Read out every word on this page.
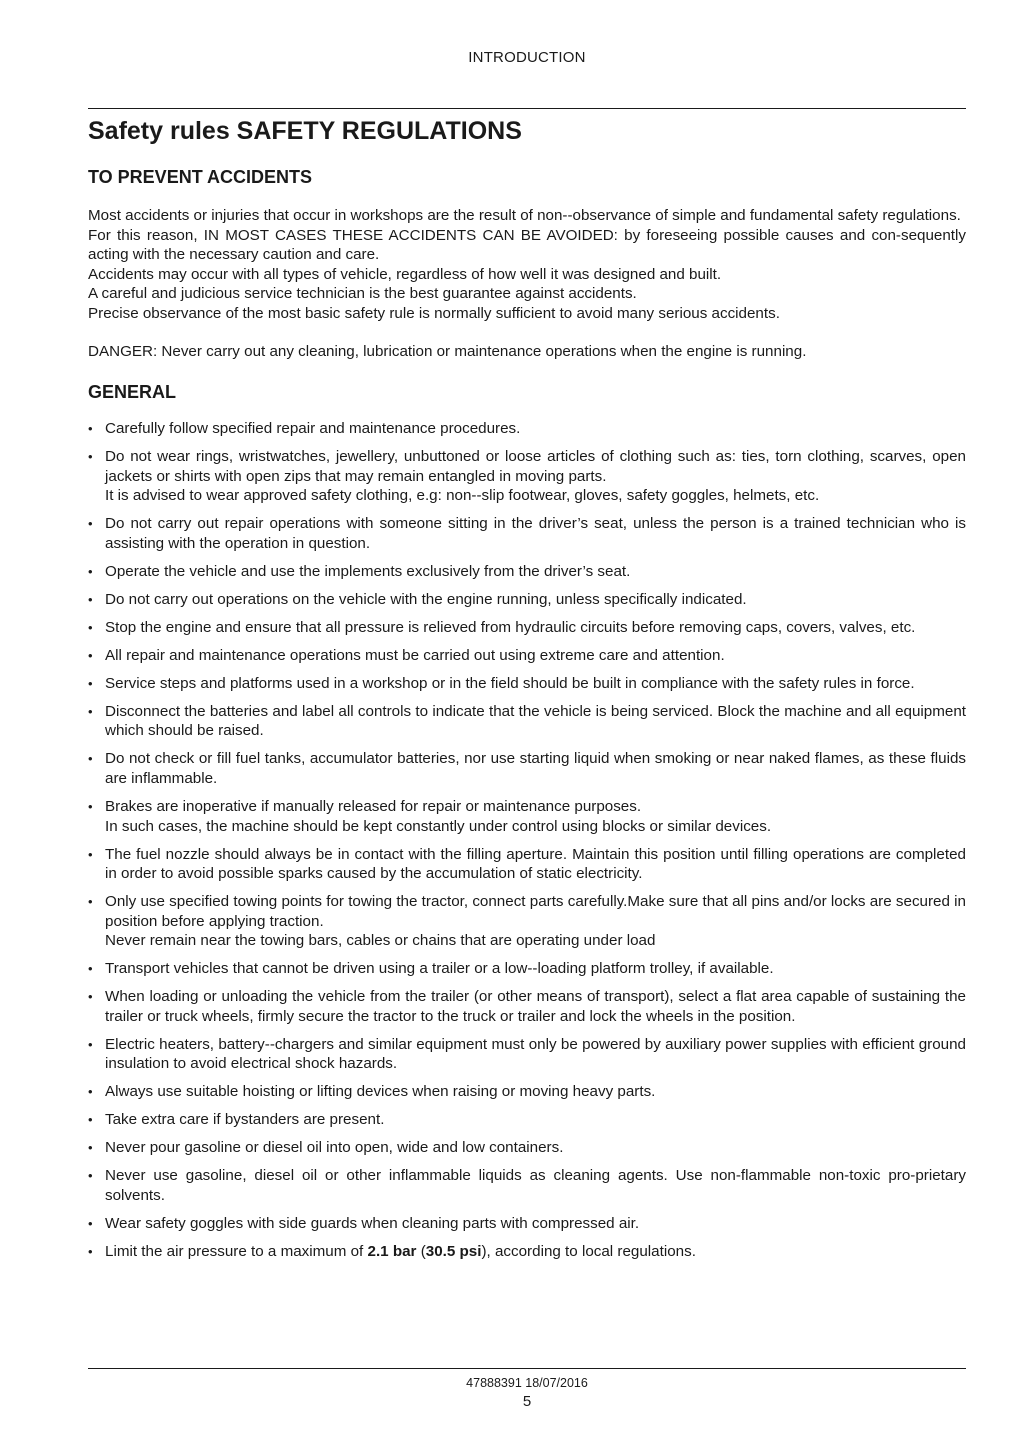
INTRODUCTION
Safety rules SAFETY REGULATIONS
TO PREVENT ACCIDENTS

Most accidents or injuries that occur in workshops are the result of non--observance of simple and fundamental safety regulations.

For this reason, IN MOST CASES THESE ACCIDENTS CAN BE AVOIDED: by foreseeing possible causes and con-sequently acting with the necessary caution and care.

Accidents may occur with all types of vehicle, regardless of how well it was designed and built.

A careful and judicious service technician is the best guarantee against accidents.

Precise observance of the most basic safety rule is normally sufficient to avoid many serious accidents.

DANGER: Never carry out any cleaning, lubrication or maintenance operations when the engine is running.

GENERAL
• Carefully follow specified repair and maintenance procedures.
• Do not wear rings, wristwatches, jewellery, unbuttoned or loose articles of clothing such as: ties, torn clothing, scarves, open jackets or shirts with open zips that may remain entangled in moving parts.
It is advised to wear approved safety clothing, e.g: non--slip footwear, gloves, safety goggles, helmets, etc.
• Do not carry out repair operations with someone sitting in the driver’s seat, unless the person is a trained technician who is assisting with the operation in question.
• Operate the vehicle and use the implements exclusively from the driver’s seat.
• Do not carry out operations on the vehicle with the engine running, unless specifically indicated.
• Stop the engine and ensure that all pressure is relieved from hydraulic circuits before removing caps, covers, valves, etc.
• All repair and maintenance operations must be carried out using extreme care and attention.
• Service steps and platforms used in a workshop or in the field should be built in compliance with the safety rules in force.
• Disconnect the batteries and label all controls to indicate that the vehicle is being serviced. Block the machine and all equipment which should be raised.
• Do not check or fill fuel tanks, accumulator batteries, nor use starting liquid when smoking or near naked flames, as these fluids are inflammable.
• Brakes are inoperative if manually released for repair or maintenance purposes.
In such cases, the machine should be kept constantly under control using blocks or similar devices.
• The fuel nozzle should always be in contact with the filling aperture. Maintain this position until filling operations are completed in order to avoid possible sparks caused by the accumulation of static electricity.
• Only use specified towing points for towing the tractor, connect parts carefully.Make sure that all pins and/or locks are secured in position before applying traction.
Never remain near the towing bars, cables or chains that are operating under load
• Transport vehicles that cannot be driven using a trailer or a low--loading platform trolley, if available.
• When loading or unloading the vehicle from the trailer (or other means of transport), select a flat area capable of sustaining the trailer or truck wheels, firmly secure the tractor to the truck or trailer and lock the wheels in the position.
• Electric heaters, battery--chargers and similar equipment must only be powered by auxiliary power supplies with efficient ground insulation to avoid electrical shock hazards.
• Always use suitable hoisting or lifting devices when raising or moving heavy parts.
• Take extra care if bystanders are present.
• Never pour gasoline or diesel oil into open, wide and low containers.
• Never use gasoline, diesel oil or other inflammable liquids as cleaning agents. Use non-flammable non-toxic pro-prietary solvents.
• Wear safety goggles with side guards when cleaning parts with compressed air.
• Limit the air pressure to a maximum of 2.1 bar (30.5 psi), according to local regulations.
47888391 18/07/2016
5
